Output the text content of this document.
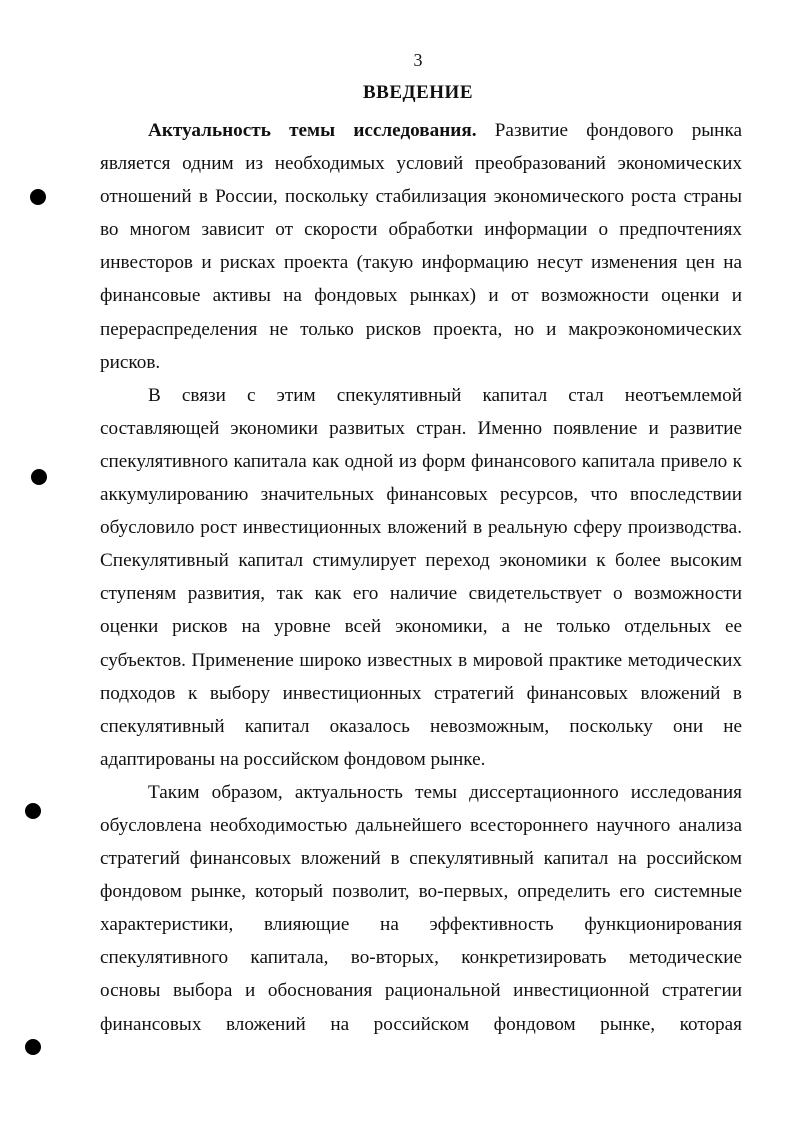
3
ВВЕДЕНИЕ
Актуальность темы исследования. Развитие фондового рынка
является одним из необходимых условий преобразований экономических
отношений в России, поскольку стабилизация экономического роста страны
во многом зависит от скорости обработки информации о предпочтениях
инвесторов и рисках проекта (такую информацию несут изменения цен на
финансовые активы на фондовых рынках) и от возможности оценки и
перераспределения не только рисков проекта, но и макроэкономических
рисков.
В связи с этим спекулятивный капитал стал неотъемлемой
составляющей экономики развитых стран. Именно появление и развитие
спекулятивного капитала как одной из форм финансового капитала привело к
аккумулированию значительных финансовых ресурсов, что впоследствии
обусловило рост инвестиционных вложений в реальную сферу производства.
Спекулятивный капитал стимулирует переход экономики к более высоким
ступеням развития, так как его наличие свидетельствует о возможности
оценки рисков на уровне всей экономики, а не только отдельных ее
субъектов. Применение широко известных в мировой практике методических
подходов к выбору инвестиционных стратегий финансовых вложений в
спекулятивный капитал оказалось невозможным, поскольку они не
адаптированы на российском фондовом рынке.
Таким образом, актуальность темы диссертационного исследования
обусловлена необходимостью дальнейшего всестороннего научного анализа
стратегий финансовых вложений в спекулятивный капитал на российском
фондовом рынке, который позволит, во-первых, определить его системные
характеристики, влияющие на эффективность функционирования
спекулятивного капитала, во-вторых, конкретизировать методические
основы выбора и обоснования рациональной инвестиционной стратегии
финансовых вложений на российском фондовом рынке, которая
